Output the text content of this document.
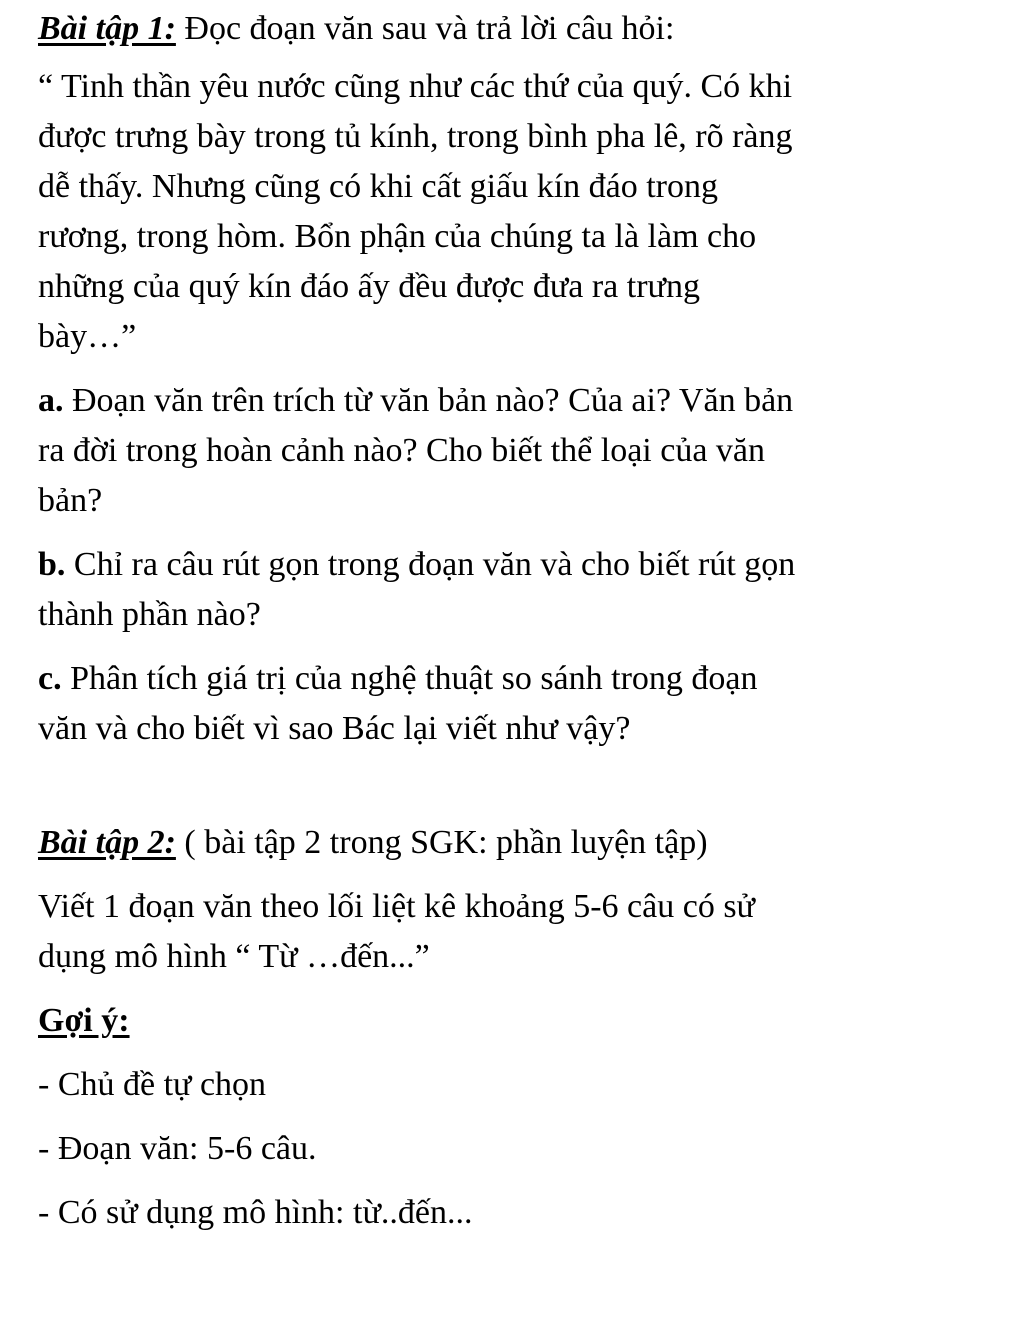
Bài tập 1: Đọc đoạn văn sau và trả lời câu hỏi:
“ Tinh thần yêu nước cũng như các thứ của quý. Có khi
được trưng bày trong tủ kính, trong bình pha lê, rõ ràng
dễ thấy. Nhưng cũng có khi cất giấu kín đáo trong
rương, trong hòm. Bổn phận của chúng ta là làm cho
những của quý kín đáo ấy đều được đưa ra trưng
bày…”
a. Đoạn văn trên trích từ văn bản nào? Của ai? Văn bản
ra đời trong hoàn cảnh nào? Cho biết thể loại của văn
bản?
b. Chỉ ra câu rút gọn trong đoạn văn và cho biết rút gọn
thành phần nào?
c. Phân tích giá trị của nghệ thuật so sánh trong đoạn
văn và cho biết vì sao Bác lại viết như vậy?
Bài tập 2: ( bài tập 2 trong SGK: phần luyện tập)
Viết 1 đoạn văn theo lối liệt kê khoảng 5-6 câu có sử
dụng mô hình “ Từ …đến...”
Gợi ý:
- Chủ đề tự chọn
- Đoạn văn: 5-6 câu.
- Có sử dụng mô hình: từ..đến...
